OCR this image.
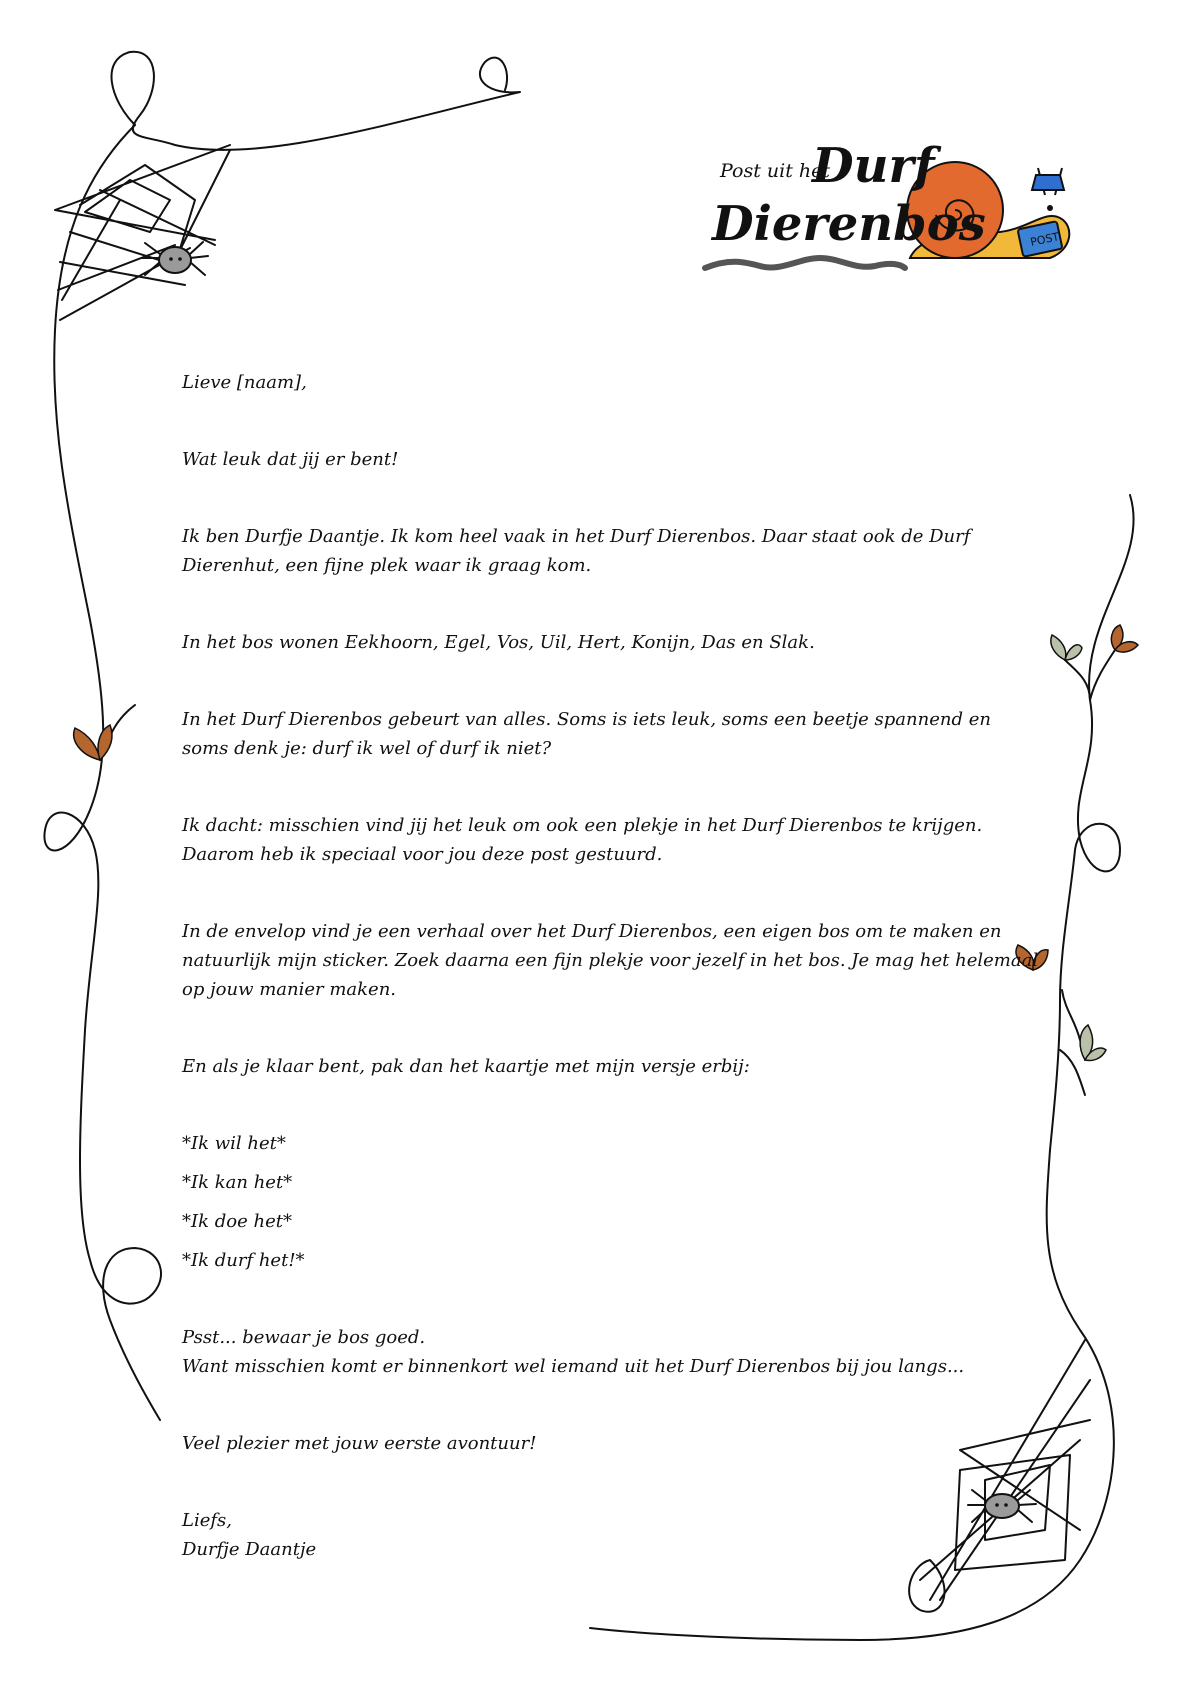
POST
Post uit het
Durf
Dierenbos

Lieve [naam],

Wat leuk dat jij er bent!

Ik ben Durfje Daantje. Ik kom heel vaak in het Durf Dierenbos. Daar staat ook de Durf Dierenhut, een fijne plek waar ik graag kom.

In het bos wonen Eekhoorn, Egel, Vos, Uil, Hert, Konijn, Das en Slak.

In het Durf Dierenbos gebeurt van alles. Soms is iets leuk, soms een beetje spannend en soms denk je: durf ik wel of durf ik niet?

Ik dacht: misschien vind jij het leuk om ook een plekje in het Durf Dierenbos te krijgen. Daarom heb ik speciaal voor jou deze post gestuurd.

In de envelop vind je een verhaal over het Durf Dierenbos, een eigen bos om te maken en natuurlijk mijn sticker. Zoek daarna een fijn plekje voor jezelf in het bos. Je mag het helemaal op jouw manier maken.

En als je klaar bent, pak dan het kaartje met mijn versje erbij:

*Ik wil het*

*Ik kan het*

*Ik doe het*

*Ik durf het!*

Psst... bewaar je bos goed.

Want misschien komt er binnenkort wel iemand uit het Durf Dierenbos bij jou langs...

Veel plezier met jouw eerste avontuur!

Liefs,

Durfje Daantje
